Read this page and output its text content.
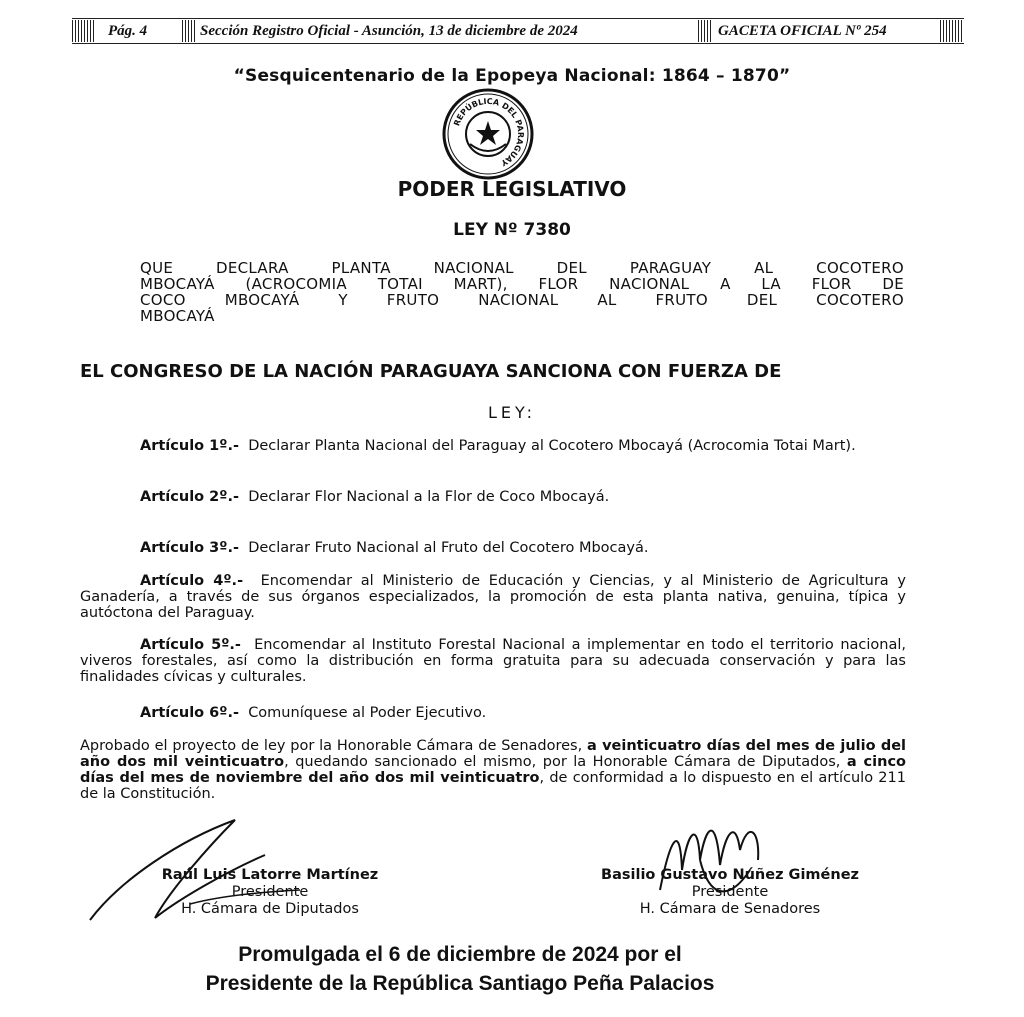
Pág. 4	Sección Registro Oficial - Asunción, 13 de diciembre de 2024	GACETA OFICIAL Nº 254
“Sesquicentenario de la Epopeya Nacional: 1864 – 1870”
REPÚBLICA DEL PARAGUAY
PODER LEGISLATIVO
LEY Nº 7380
QUE DECLARA PLANTA NACIONAL DEL PARAGUAY AL COCOTERO
MBOCAYÁ (ACROCOMIA TOTAI MART), FLOR NACIONAL A LA FLOR DE
COCO MBOCAYÁ Y FRUTO NACIONAL AL FRUTO DEL COCOTERO
MBOCAYÁ
EL CONGRESO DE LA NACIÓN PARAGUAYA SANCIONA CON FUERZA DE
LEY:
Artículo 1º.- Declarar Planta Nacional del Paraguay al Cocotero Mbocayá (Acrocomia Totai Mart).
Artículo 2º.- Declarar Flor Nacional a la Flor de Coco Mbocayá.
Artículo 3º.- Declarar Fruto Nacional al Fruto del Cocotero Mbocayá.
Artículo 4º.- Encomendar al Ministerio de Educación y Ciencias, y al Ministerio de Agricultura y Ganadería, a través de sus órganos especializados, la promoción de esta planta nativa, genuina, típica y autóctona del Paraguay.
Artículo 5º.- Encomendar al Instituto Forestal Nacional a implementar en todo el territorio nacional, viveros forestales, así como la distribución en forma gratuita para su adecuada conservación y para las finalidades cívicas y culturales.
Artículo 6º.- Comuníquese al Poder Ejecutivo.
Aprobado el proyecto de ley por la Honorable Cámara de Senadores, a veinticuatro días del mes de julio del año dos mil veinticuatro, quedando sancionado el mismo, por la Honorable Cámara de Diputados, a cinco días del mes de noviembre del año dos mil veinticuatro, de conformidad a lo dispuesto en el artículo 211 de la Constitución.
Raúl Luis Latorre Martínez
Presidente
H. Cámara de Diputados
Basilio Gustavo Núñez Giménez
Presidente
H. Cámara de Senadores
Promulgada el 6 de diciembre de 2024 por el
Presidente de la República Santiago Peña Palacios
